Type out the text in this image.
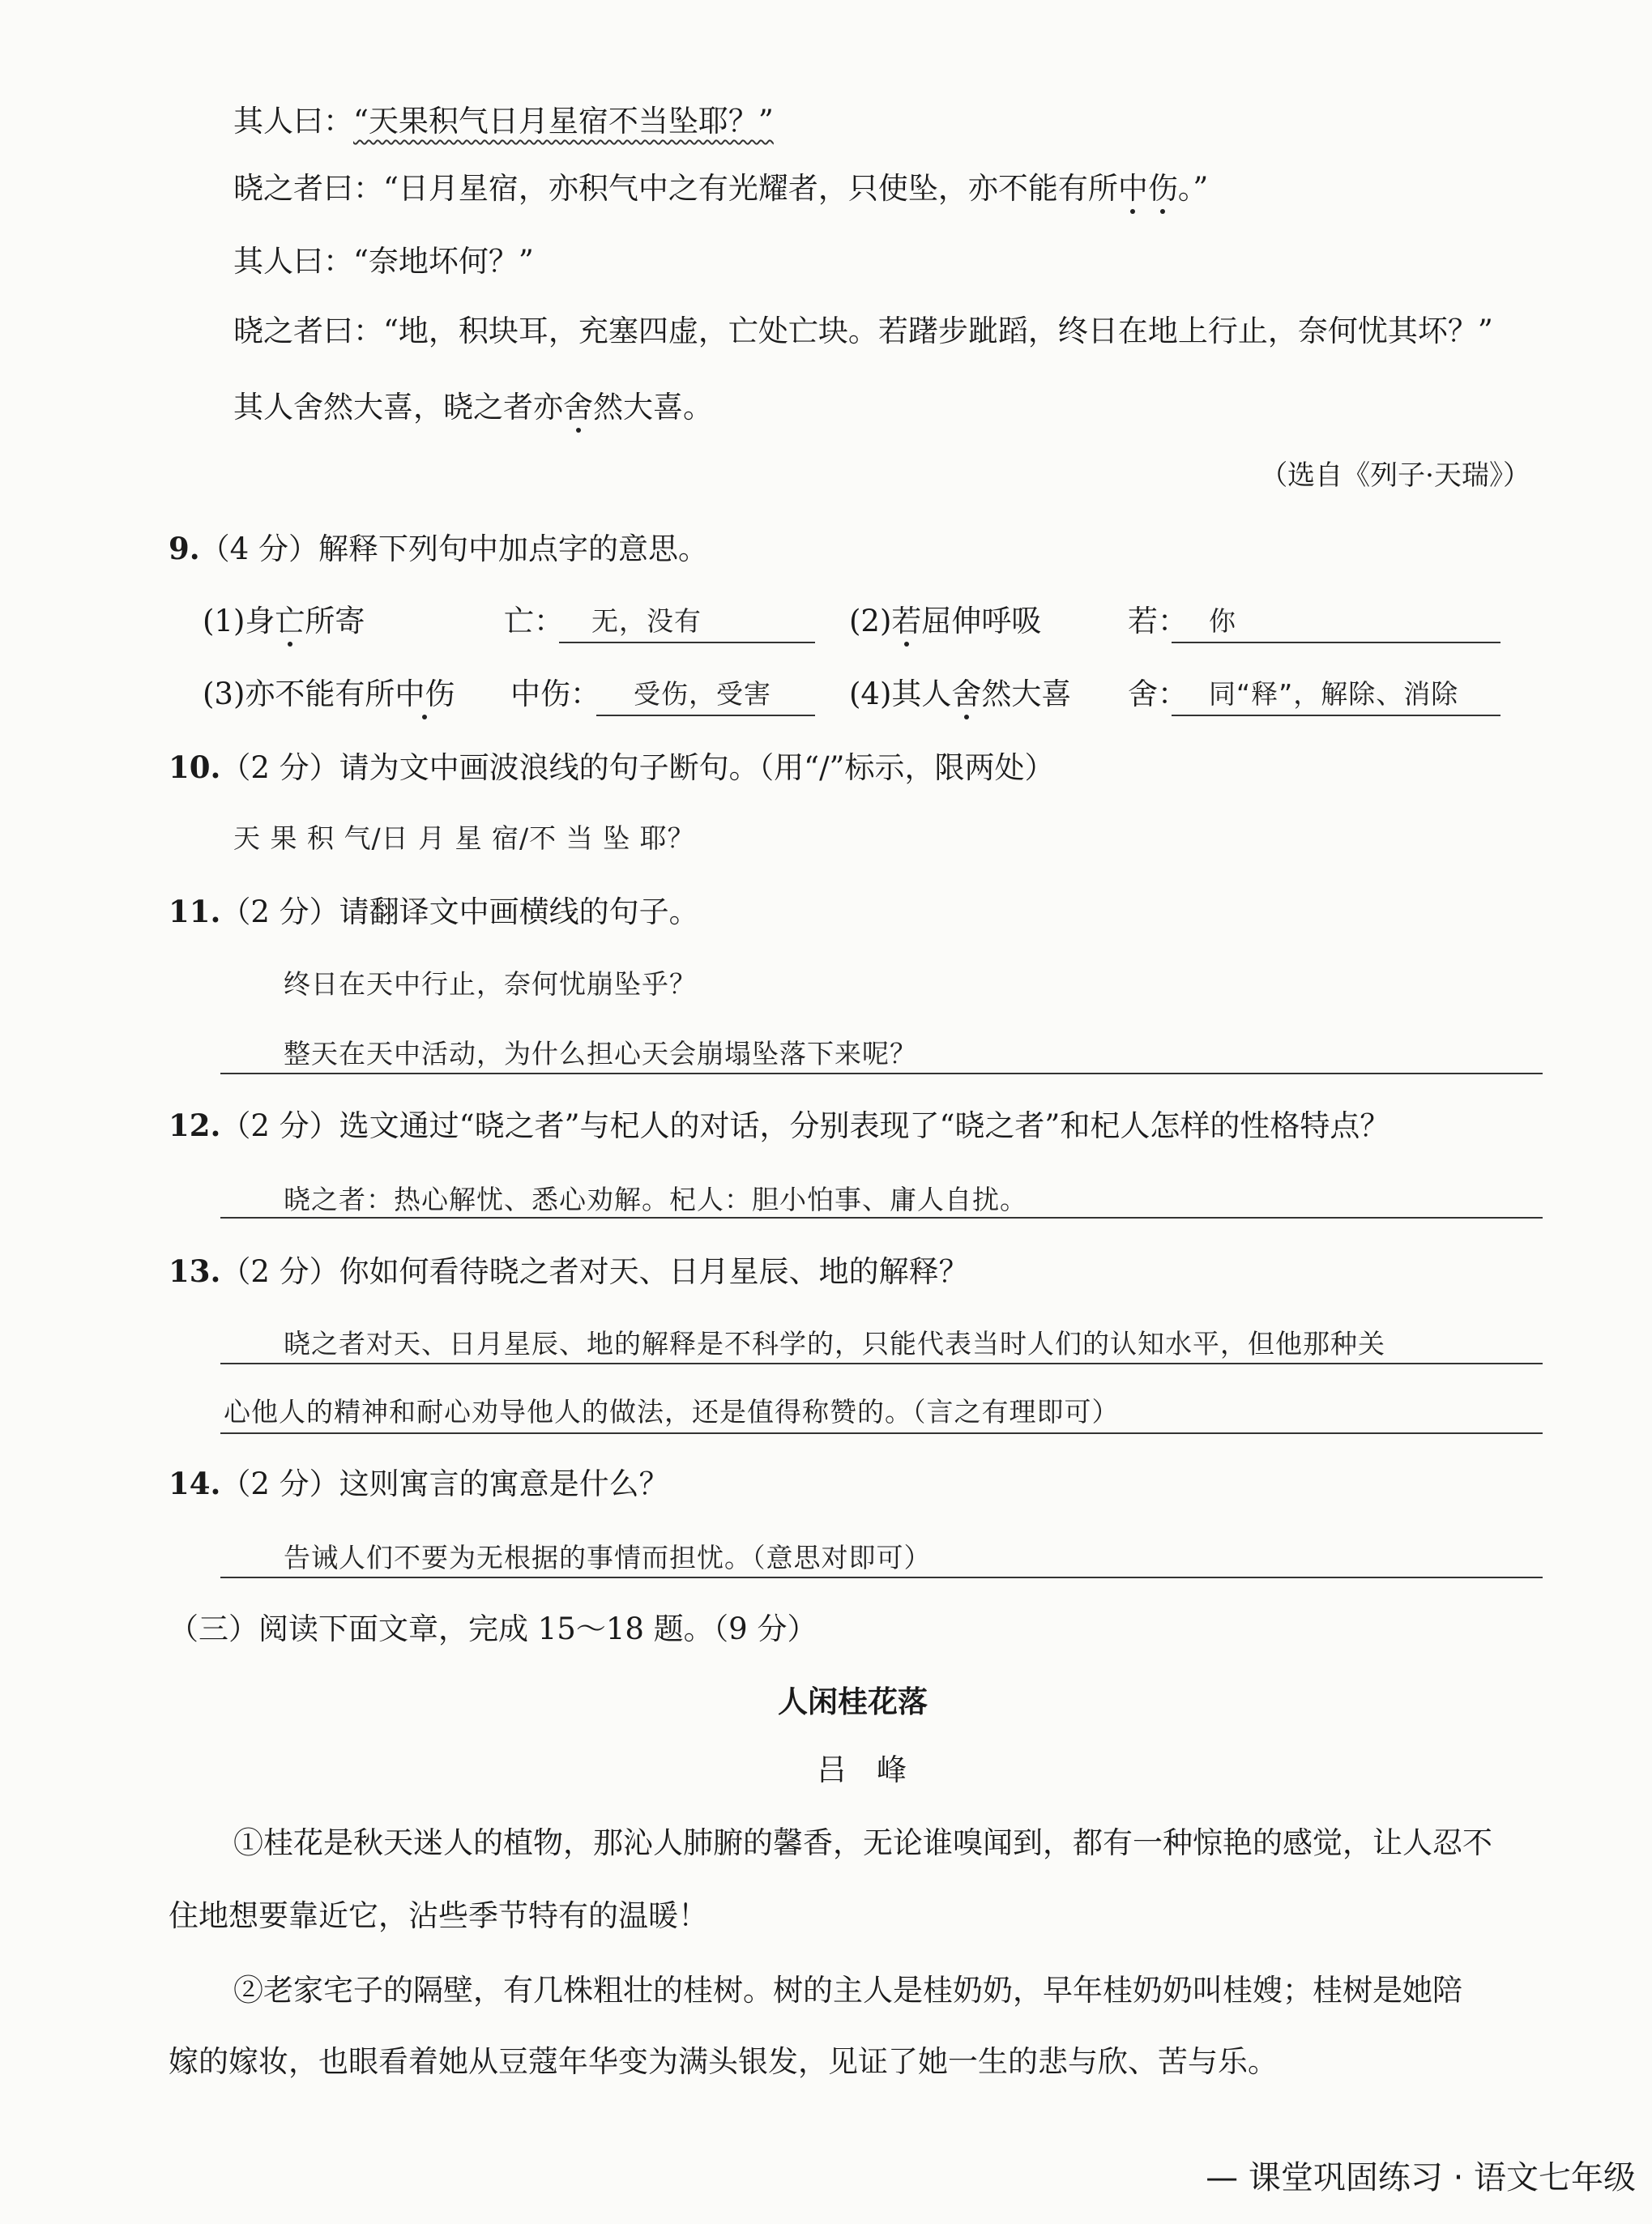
其人曰：“天果积气日月星宿不当坠耶？”
晓之者曰：“日月星宿，亦积气中之有光耀者，只使坠，亦不能有所中伤。”
其人曰：“奈地坏何？”
晓之者曰：“地，积块耳，充塞四虚，亡处亡块。若躇步跐蹈，终日在地上行止，奈何忧其坏？”
其人舍然大喜，晓之者亦舍然大喜。
（选自《列子·天瑞》）
9.（4 分）解释下列句中加点字的意思。
(1)身亡所寄	亡： 无，没有	(2)若屈伸呼吸	若： 你
(3)亦不能有所中伤 中伤： 受伤，受害	(4)其人舍然大喜 舍： 同“释”，解除、消除
10.（2 分）请为文中画波浪线的句子断句。（用“/”标示，限两处）
天 果 积 气/日 月 星 宿/不 当 坠 耶？
11.（2 分）请翻译文中画横线的句子。
终日在天中行止，奈何忧崩坠乎？
整天在天中活动，为什么担心天会崩塌坠落下来呢？
12.（2 分）选文通过“晓之者”与杞人的对话，分别表现了“晓之者”和杞人怎样的性格特点？
晓之者：热心解忧、悉心劝解。杞人：胆小怕事、庸人自扰。
13.（2 分）你如何看待晓之者对天、日月星辰、地的解释？
晓之者对天、日月星辰、地的解释是不科学的，只能代表当时人们的认知水平，但他那种关
心他人的精神和耐心劝导他人的做法，还是值得称赞的。（言之有理即可）
14.（2 分）这则寓言的寓意是什么？
告诫人们不要为无根据的事情而担忧。（意思对即可）
（三）阅读下面文章，完成 15～18 题。（9 分）
人闲桂花落
吕　峰
①桂花是秋天迷人的植物，那沁人肺腑的馨香，无论谁嗅闻到，都有一种惊艳的感觉，让人忍不
住地想要靠近它，沾些季节特有的温暖！
②老家宅子的隔壁，有几株粗壮的桂树。树的主人是桂奶奶，早年桂奶奶叫桂嫂；桂树是她陪
嫁的嫁妆，也眼看着她从豆蔻年华变为满头银发，见证了她一生的悲与欣、苦与乐。
— 课堂巩固练习 · 语文七年级
